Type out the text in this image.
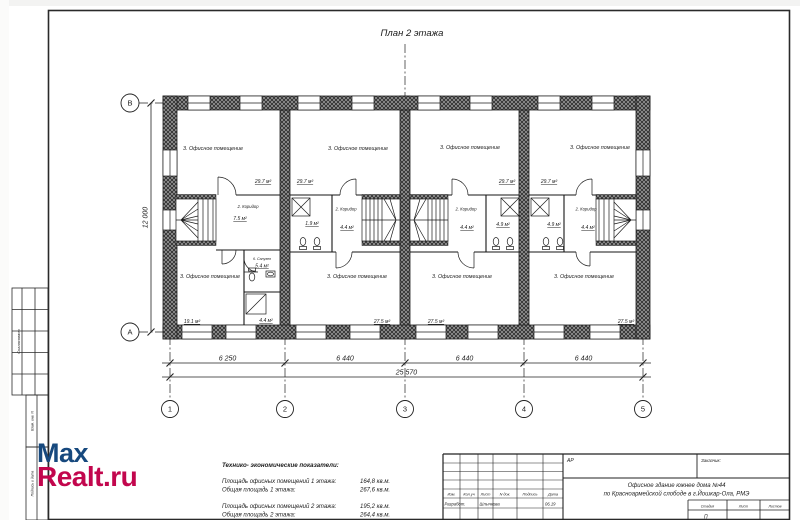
Согласовано
Взам. инв. N
Подпись и дата
3. Офисное помещение	3. Офисное помещение	3. Офисное помещение	3. Офисное помещение
29.7 м²	29.7 м²	29.7 м²	29.7 м²
2. Коридор
7.5 м²
6. Санузел
5.4 м²
3. Офисное помещение
19.1 м²	4.4 м²
1.9 м²
2. Коридор
4.4 м²
3. Офисное помещение
27.5 м²
2. Коридор
4.4 м²	4.9 м²
3. Офисное помещение
27.5 м²
4.9 м²
2. Коридор
4.4 м²
3. Офисное помещение
27.5 м²
6 250	6 440	6 440	6 440
25 570
12 000
1	2	3	4	5
В
А
План 2 этажа
Технико- экономические показатели:
Площадь офисных помещений 1 этажа:	164,8 кв.м.
Общая площадь 1 этажа:	267,6 кв.м.
Площадь офисных помещений 2 этажа:	195,2 кв.м.
Общая площадь 2 этажа:	264,4 кв.м.
АР	Заказчик:
Офисное здание южнее дома №44
по Красноармейской слободе в г.Йошкар-Ола, РМЭ
Изм. Кол.уч Лист N док.	Подпись	Дата
Разработ.	Шлычкова	06.19	Стадия	Лист	Листов
П
Max
Realt.ru
